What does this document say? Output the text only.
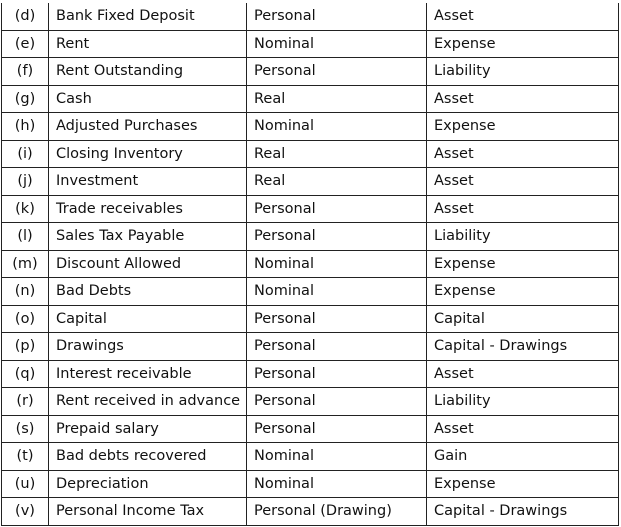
(d)	Bank Fixed Deposit	Personal	Asset
(e)	Rent	Nominal	Expense
(f)	Rent Outstanding	Personal	Liability
(g)	Cash	Real	Asset
(h)	Adjusted Purchases	Nominal	Expense
(i)	Closing Inventory	Real	Asset
(j)	Investment	Real	Asset
(k)	Trade receivables	Personal	Asset
(l)	Sales Tax Payable	Personal	Liability
(m)	Discount Allowed	Nominal	Expense
(n)	Bad Debts	Nominal	Expense
(o)	Capital	Personal	Capital
(p)	Drawings	Personal	Capital - Drawings
(q)	Interest receivable	Personal	Asset
(r)	Rent received in advance	Personal	Liability
(s)	Prepaid salary	Personal	Asset
(t)	Bad debts recovered	Nominal	Gain
(u)	Depreciation	Nominal	Expense
(v)	Personal Income Tax	Personal (Drawing)	Capital - Drawings
